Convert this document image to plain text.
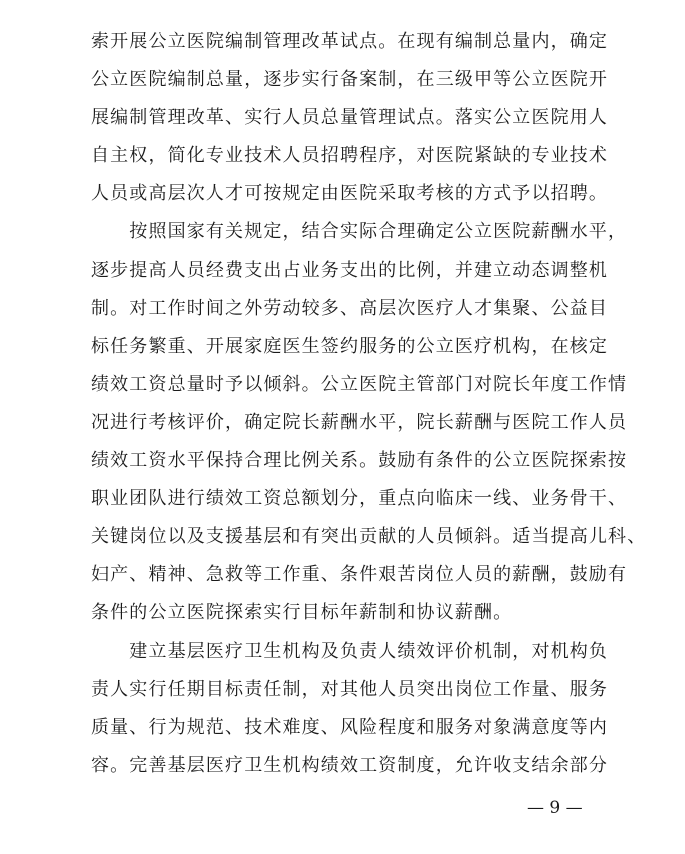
索开展公立医院编制管理改革试点。在现有编制总量内，确定
公立医院编制总量，逐步实行备案制，在三级甲等公立医院开
展编制管理改革、实行人员总量管理试点。落实公立医院用人
自主权，简化专业技术人员招聘程序，对医院紧缺的专业技术
人员或高层次人才可按规定由医院采取考核的方式予以招聘。
　　按照国家有关规定，结合实际合理确定公立医院薪酬水平，
逐步提高人员经费支出占业务支出的比例，并建立动态调整机
制。对工作时间之外劳动较多、高层次医疗人才集聚、公益目
标任务繁重、开展家庭医生签约服务的公立医疗机构，在核定
绩效工资总量时予以倾斜。公立医院主管部门对院长年度工作情
况进行考核评价，确定院长薪酬水平，院长薪酬与医院工作人员
绩效工资水平保持合理比例关系。鼓励有条件的公立医院探索按
职业团队进行绩效工资总额划分，重点向临床一线、业务骨干、
关键岗位以及支援基层和有突出贡献的人员倾斜。适当提高儿科、
妇产、精神、急救等工作重、条件艰苦岗位人员的薪酬，鼓励有
条件的公立医院探索实行目标年薪制和协议薪酬。
　　建立基层医疗卫生机构及负责人绩效评价机制，对机构负
责人实行任期目标责任制，对其他人员突出岗位工作量、服务
质量、行为规范、技术难度、风险程度和服务对象满意度等内
容。完善基层医疗卫生机构绩效工资制度，允许收支结余部分
— 9 —
